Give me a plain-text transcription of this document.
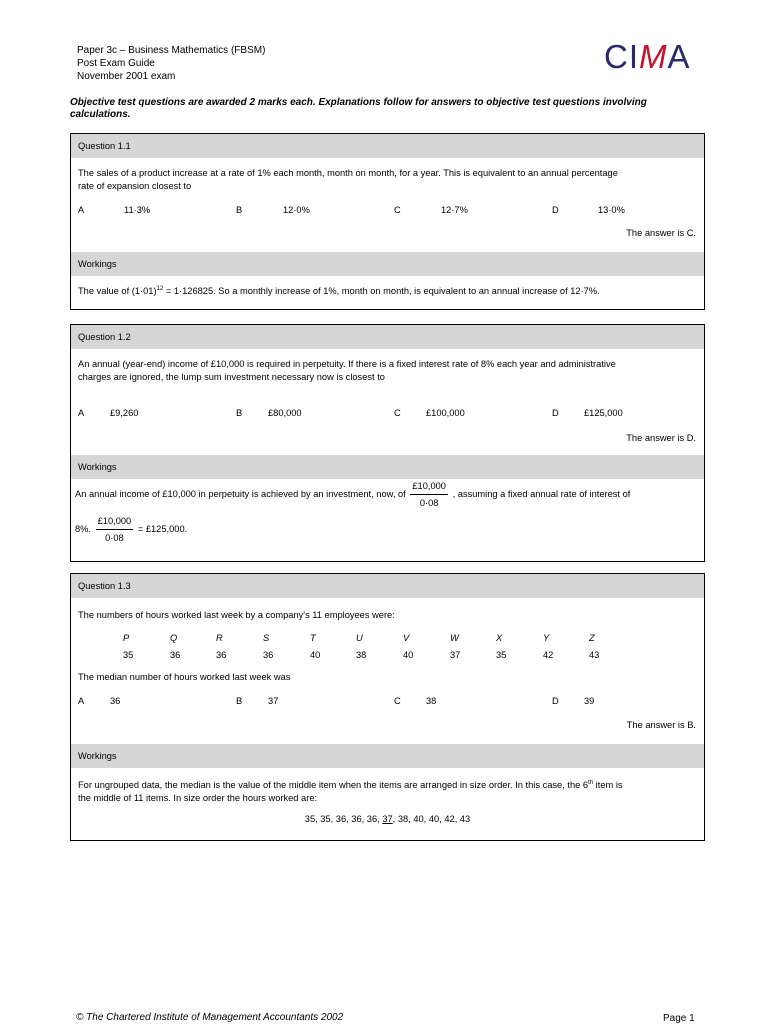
Paper 3c – Business Mathematics (FBSM)
Post Exam Guide
November 2001 exam
CIMA
Objective test questions are awarded 2 marks each. Explanations follow for answers to objective test questions involving calculations.
Question 1.1
The sales of a product increase at a rate of 1% each month, month on month, for a year. This is equivalent to an annual percentage
rate of expansion closest to
A	11·3%	B	12·0%	C	12·7%	D	13·0%
The answer is C.
Workings
The value of $(1\cdot 01)^{12} = 1\cdot 126825$. So a monthly increase of 1%, month on month, is equivalent to an annual increase of 12·7%.
Question 1.2
An annual (year-end) income of £10,000 is required in perpetuity. If there is a fixed interest rate of 8% each year and administrative
charges are ignored, the lump sum investment necessary now is closest to
A	£9,260	B	£80,000	C	£100,000	D	£125,000
The answer is D.
Workings
An annual income of £10,000 in perpetuity is achieved by an investment, now, of $\frac{£10,000}{0\cdot 08}$ , assuming a fixed annual rate of interest of
8%. $\frac{£10,000}{0\cdot 08}$ = £125,000.
Question 1.3
The numbers of hours worked last week by a company's 11 employees were:
P	Q	R	S	T	U	V	W	X	Y	Z
35	36	36	36	40	38	40	37	35	42	43
The median number of hours worked last week was
A	36	B	37	C	38	D	39
The answer is B.
Workings
For ungrouped data, the median is the value of the middle item when the items are arranged in size order. In this case, the 6th item is
the middle of 11 items. In size order the hours worked are:
35, 35, 36, 36, 36, 37, 38, 40, 40, 42, 43
© The Chartered Institute of Management Accountants 2002	Page 1
